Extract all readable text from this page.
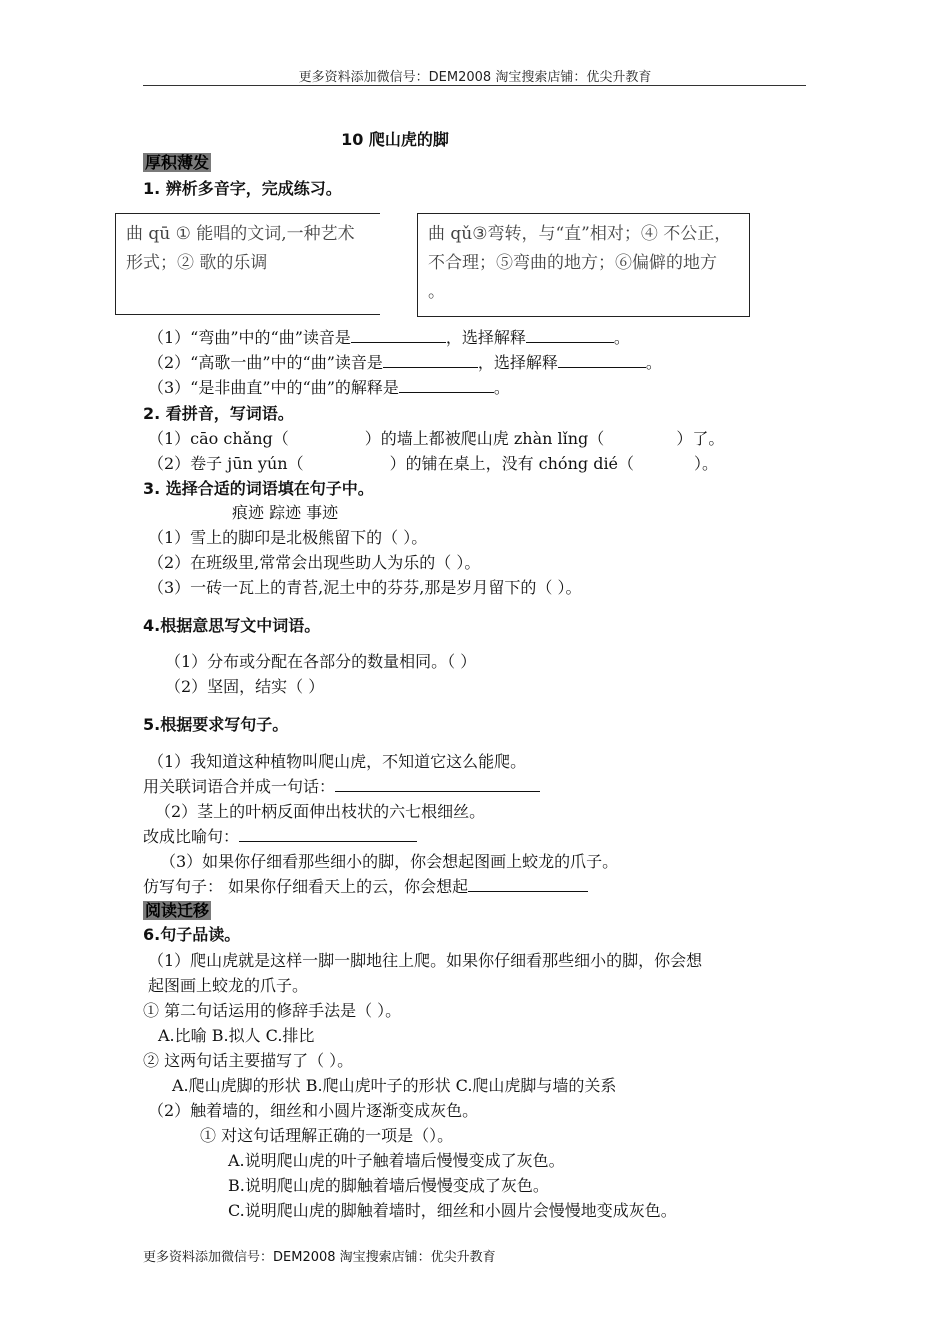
更多资料添加微信号：DEM2008 淘宝搜索店铺：优尖升教育
10 爬山虎的脚
厚积薄发
1. 辨析多音字，完成练习。
曲 qū ① 能唱的文词,一种艺术形式；② 歌的乐调
曲 qǔ③弯转，与“直”相对；④ 不公正，不合理；⑤弯曲的地方；⑥偏僻的地方 。
（1）“弯曲”中的“曲”读音是	，选择解释	。
（2）“高歌一曲”中的“曲”读音是	，选择解释	。
（3）“是非曲直”中的“曲”的解释是	。
2. 看拼音，写词语。
（1）cāo chǎng（	）的墙上都被爬山虎 zhàn lǐng（	）了。
（2）卷子 jūn yún（	）的铺在桌上，没有 chóng dié（	）。
3. 选择合适的词语填在句子中。
痕迹 踪迹 事迹
（1）雪上的脚印是北极熊留下的（ ）。
（2）在班级里,常常会出现些助人为乐的（ ）。
（3）一砖一瓦上的青苔,泥土中的芬芬,那是岁月留下的（ ）。
4.根据意思写文中词语。
（1）分布或分配在各部分的数量相同。（ ）
（2）坚固，结实（ ）
5.根据要求写句子。
（1）我知道这种植物叫爬山虎，不知道它这么能爬。
用关联词语合并成一句话：
（2）茎上的叶柄反面伸出枝状的六七根细丝。
改成比喻句：
（3）如果你仔细看那些细小的脚，你会想起图画上蛟龙的爪子。
仿写句子： 如果你仔细看天上的云，你会想起
阅读迁移
6.句子品读。
（1）爬山虎就是这样一脚一脚地往上爬。如果你仔细看那些细小的脚，你会想
起图画上蛟龙的爪子。
① 第二句话运用的修辞手法是（ ）。
A.比喻 B.拟人 C.排比
② 这两句话主要描写了（ ）。
A.爬山虎脚的形状 B.爬山虎叶子的形状 C.爬山虎脚与墙的关系
（2）触着墙的，细丝和小圆片逐渐变成灰色。
① 对这句话理解正确的一项是（）。
A.说明爬山虎的叶子触着墙后慢慢变成了灰色。
B.说明爬山虎的脚触着墙后慢慢变成了灰色。
C.说明爬山虎的脚触着墙时，细丝和小圆片会慢慢地变成灰色。
更多资料添加微信号：DEM2008 淘宝搜索店铺：优尖升教育
